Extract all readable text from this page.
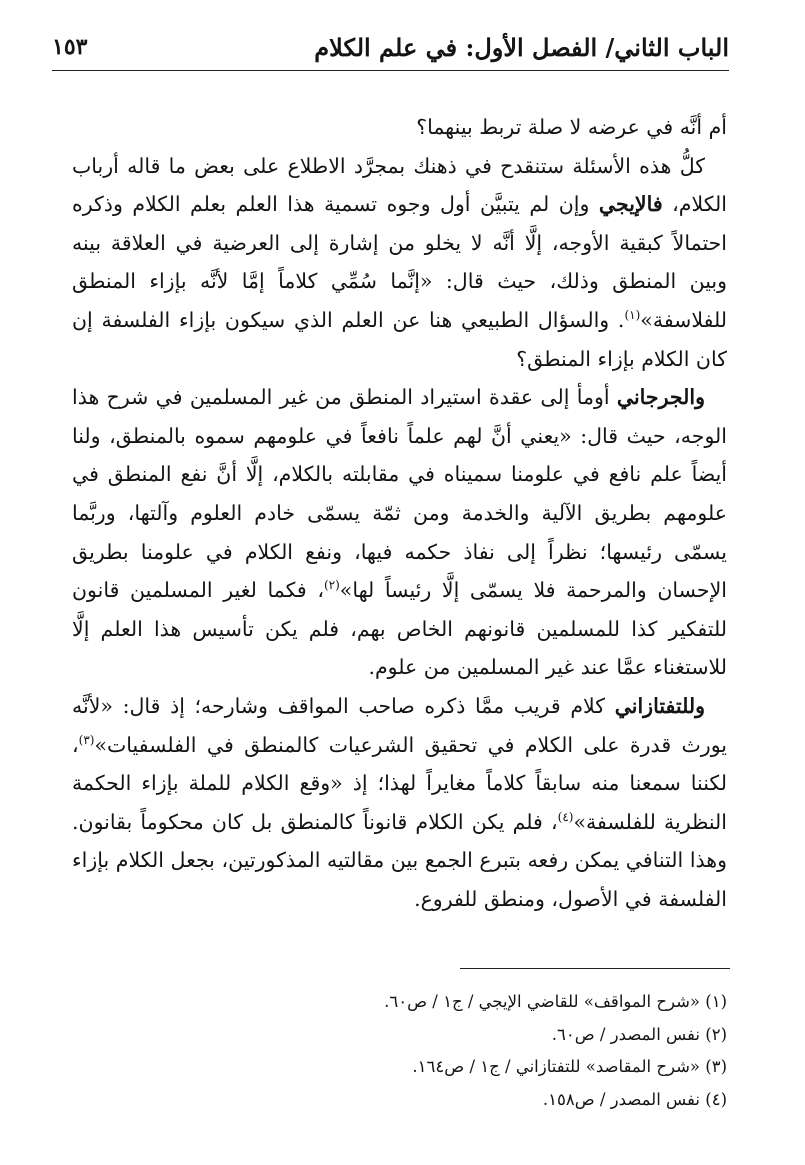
١٥٣	الباب الثاني/ الفصل الأول: في علم الكلام

أم أنَّه في عرضه لا صلة تربط بينهما؟

كلُّ هذه الأسئلة ستنقدح في ذهنك بمجرَّد الاطلاع على بعض ما قاله أرباب الكلام، فالإيجي وإن لم يتبيَّن أول وجوه تسمية هذا العلم بعلم الكلام وذكره احتمالاً كبقية الأوجه، إلَّا أنَّه لا يخلو من إشارة إلى العرضية في العلاقة بينه وبين المنطق وذلك، حيث قال: «إنَّما سُمِّي كلاماً إمَّا لأنَّه بإزاء المنطق للفلاسفة»$^{(١)}$. والسؤال الطبيعي هنا عن العلم الذي سيكون بإزاء الفلسفة إن كان الكلام بإزاء المنطق؟

والجرجاني أومأ إلى عقدة استيراد المنطق من غير المسلمين في شرح هذا الوجه، حيث قال: «يعني أنَّ لهم علماً نافعاً في علومهم سموه بالمنطق، ولنا أيضاً علم نافع في علومنا سميناه في مقابلته بالكلام، إلَّا أنَّ نفع المنطق في علومهم بطريق الآلية والخدمة ومن ثمّة يسمّى خادم العلوم وآلتها، وربَّما يسمّى رئيسها؛ نظراً إلى نفاذ حكمه فيها، ونفع الكلام في علومنا بطريق الإحسان والمرحمة فلا يسمّى إلَّا رئيساً لها»$^{(٢)}$، فكما لغير المسلمين قانون للتفكير كذا للمسلمين قانونهم الخاص بهم، فلم يكن تأسيس هذا العلم إلَّا للاستغناء عمَّا عند غير المسلمين من علوم.

وللتفتازاني كلام قريب ممَّا ذكره صاحب المواقف وشارحه؛ إذ قال: «لأنَّه يورث قدرة على الكلام في تحقيق الشرعيات كالمنطق في الفلسفيات»$^{(٣)}$، لكننا سمعنا منه سابقاً كلاماً مغايراً لهذا؛ إذ «وقع الكلام للملة بإزاء الحكمة النظرية للفلسفة»$^{(٤)}$، فلم يكن الكلام قانوناً كالمنطق بل كان محكوماً بقانون. وهذا التنافي يمكن رفعه بتبرع الجمع بين مقالتيه المذكورتين، بجعل الكلام بإزاء الفلسفة في الأصول، ومنطق للفروع.

(١) «شرح المواقف» للقاضي الإيجي / ج١ / ص٦٠.
(٢) نفس المصدر / ص٦٠.
(٣) «شرح المقاصد» للتفتازاني / ج١ / ص١٦٤.
(٤) نفس المصدر / ص١٥٨.
